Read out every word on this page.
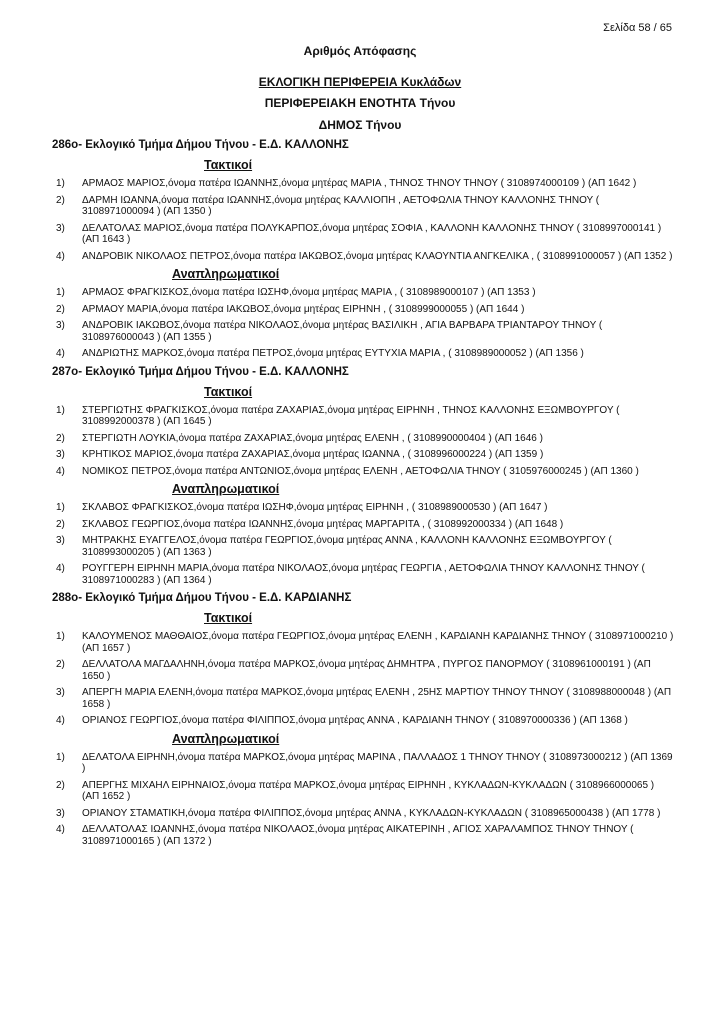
Σελίδα 58 / 65
Αριθμός Απόφασης
ΕΚΛΟΓΙΚΗ ΠΕΡΙΦΕΡΕΙΑ Κυκλάδων
ΠΕΡΙΦΕΡΕΙΑΚΗ ΕΝΟΤΗΤΑ Τήνου
ΔΗΜΟΣ Τήνου
286ο- Εκλογικό Τμήμα Δήμου Τήνου - Ε.Δ. ΚΑΛΛΟΝΗΣ
Τακτικοί
1) ΑΡΜΑΟΣ ΜΑΡΙΟΣ,όνομα πατέρα ΙΩΑΝΝΗΣ,όνομα μητέρας ΜΑΡΙΑ , ΤΗΝΟΣ ΤΗΝΟΥ ΤΗΝΟΥ ( 3108974000109 ) (ΑΠ 1642 )
2) ΔΑΡΜΗ ΙΩΑΝΝΑ,όνομα πατέρα ΙΩΑΝΝΗΣ,όνομα μητέρας ΚΑΛΛΙΟΠΗ , ΑΕΤΟΦΩΛΙΑ ΤΗΝΟΥ ΚΑΛΛΟΝΗΣ ΤΗΝΟΥ ( 3108971000094 ) (ΑΠ 1350 )
3) ΔΕΛΑΤΟΛΑΣ ΜΑΡΙΟΣ,όνομα πατέρα ΠΟΛΥΚΑΡΠΟΣ,όνομα μητέρας ΣΟΦΙΑ , ΚΑΛΛΟΝΗ ΚΑΛΛΟΝΗΣ ΤΗΝΟΥ ( 3108997000141 ) (ΑΠ 1643 )
4) ΑΝΔΡΟΒΙΚ ΝΙΚΟΛΑΟΣ ΠΕΤΡΟΣ,όνομα πατέρα ΙΑΚΩΒΟΣ,όνομα μητέρας ΚΛΑΟΥΝΤΙΑ ΑΝΓΚΕΛΙΚΑ , ( 3108991000057 ) (ΑΠ 1352 )
Αναπληρωματικοί
1) ΑΡΜΑΟΣ ΦΡΑΓΚΙΣΚΟΣ,όνομα πατέρα ΙΩΣΗΦ,όνομα μητέρας ΜΑΡΙΑ , ( 3108989000107 ) (ΑΠ 1353 )
2) ΑΡΜΑΟΥ ΜΑΡΙΑ,όνομα πατέρα ΙΑΚΩΒΟΣ,όνομα μητέρας ΕΙΡΗΝΗ , ( 3108999000055 ) (ΑΠ 1644 )
3) ΑΝΔΡΟΒΙΚ ΙΑΚΩΒΟΣ,όνομα πατέρα ΝΙΚΟΛΑΟΣ,όνομα μητέρας ΒΑΣΙΛΙΚΗ , ΑΓΙΑ ΒΑΡΒΑΡΑ ΤΡΙΑΝΤΑΡΟΥ ΤΗΝΟΥ ( 3108976000043 ) (ΑΠ 1355 )
4) ΑΝΔΡΙΩΤΗΣ ΜΑΡΚΟΣ,όνομα πατέρα ΠΕΤΡΟΣ,όνομα μητέρας ΕΥΤΥΧΙΑ ΜΑΡΙΑ , ( 3108989000052 ) (ΑΠ 1356 )
287ο- Εκλογικό Τμήμα Δήμου Τήνου - Ε.Δ. ΚΑΛΛΟΝΗΣ
Τακτικοί
1) ΣΤΕΡΓΙΩΤΗΣ ΦΡΑΓΚΙΣΚΟΣ,όνομα πατέρα ΖΑΧΑΡΙΑΣ,όνομα μητέρας ΕΙΡΗΝΗ , ΤΗΝΟΣ ΚΑΛΛΟΝΗΣ ΕΞΩΜΒΟΥΡΓΟΥ ( 3108992000378 ) (ΑΠ 1645 )
2) ΣΤΕΡΓΙΩΤΗ ΛΟΥΚΙΑ,όνομα πατέρα ΖΑΧΑΡΙΑΣ,όνομα μητέρας ΕΛΕΝΗ , ( 3108990000404 ) (ΑΠ 1646 )
3) ΚΡΗΤΙΚΟΣ ΜΑΡΙΟΣ,όνομα πατέρα ΖΑΧΑΡΙΑΣ,όνομα μητέρας ΙΩΑΝΝΑ , ( 3108996000224 ) (ΑΠ 1359 )
4) ΝΟΜΙΚΟΣ ΠΕΤΡΟΣ,όνομα πατέρα ΑΝΤΩΝΙΟΣ,όνομα μητέρας ΕΛΕΝΗ , ΑΕΤΟΦΩΛΙΑ ΤΗΝΟΥ ( 3105976000245 ) (ΑΠ 1360 )
Αναπληρωματικοί
1) ΣΚΛΑΒΟΣ ΦΡΑΓΚΙΣΚΟΣ,όνομα πατέρα ΙΩΣΗΦ,όνομα μητέρας ΕΙΡΗΝΗ , ( 3108989000530 ) (ΑΠ 1647 )
2) ΣΚΛΑΒΟΣ ΓΕΩΡΓΙΟΣ,όνομα πατέρα ΙΩΑΝΝΗΣ,όνομα μητέρας ΜΑΡΓΑΡΙΤΑ , ( 3108992000334 ) (ΑΠ 1648 )
3) ΜΗΤΡΑΚΗΣ ΕΥΑΓΓΕΛΟΣ,όνομα πατέρα ΓΕΩΡΓΙΟΣ,όνομα μητέρας ΑΝΝΑ , ΚΑΛΛΟΝΗ ΚΑΛΛΟΝΗΣ ΕΞΩΜΒΟΥΡΓΟΥ ( 3108993000205 ) (ΑΠ 1363 )
4) ΡΟΥΓΓΕΡΗ ΕΙΡΗΝΗ ΜΑΡΙΑ,όνομα πατέρα ΝΙΚΟΛΑΟΣ,όνομα μητέρας ΓΕΩΡΓΙΑ , ΑΕΤΟΦΩΛΙΑ ΤΗΝΟΥ ΚΑΛΛΟΝΗΣ ΤΗΝΟΥ ( 3108971000283 ) (ΑΠ 1364 )
288ο- Εκλογικό Τμήμα Δήμου Τήνου - Ε.Δ. ΚΑΡΔΙΑΝΗΣ
Τακτικοί
1) ΚΑΛΟΥΜΕΝΟΣ ΜΑΘΘΑΙΟΣ,όνομα πατέρα ΓΕΩΡΓΙΟΣ,όνομα μητέρας ΕΛΕΝΗ , ΚΑΡΔΙΑΝΗ ΚΑΡΔΙΑΝΗΣ ΤΗΝΟΥ ( 3108971000210 ) (ΑΠ 1657 )
2) ΔΕΛΛΑΤΟΛΑ ΜΑΓΔΑΛΗΝΗ,όνομα πατέρα ΜΑΡΚΟΣ,όνομα μητέρας ΔΗΜΗΤΡΑ , ΠΥΡΓΟΣ ΠΑΝΟΡΜΟΥ ( 3108961000191 ) (ΑΠ 1650 )
3) ΑΠΕΡΓΗ ΜΑΡΙΑ ΕΛΕΝΗ,όνομα πατέρα ΜΑΡΚΟΣ,όνομα μητέρας ΕΛΕΝΗ , 25ΗΣ ΜΑΡΤΙΟΥ ΤΗΝΟΥ ΤΗΝΟΥ ( 3108988000048 ) (ΑΠ 1658 )
4) ΟΡΙΑΝΟΣ ΓΕΩΡΓΙΟΣ,όνομα πατέρα ΦΙΛΙΠΠΟΣ,όνομα μητέρας ΑΝΝΑ , ΚΑΡΔΙΑΝΗ ΤΗΝΟΥ ( 3108970000336 ) (ΑΠ 1368 )
Αναπληρωματικοί
1) ΔΕΛΑΤΟΛΑ ΕΙΡΗΝΗ,όνομα πατέρα ΜΑΡΚΟΣ,όνομα μητέρας ΜΑΡΙΝΑ , ΠΑΛΛΑΔΟΣ 1 ΤΗΝΟΥ ΤΗΝΟΥ ( 3108973000212 ) (ΑΠ 1369 )
2) ΑΠΕΡΓΗΣ ΜΙΧΑΗΛ ΕΙΡΗΝΑΙΟΣ,όνομα πατέρα ΜΑΡΚΟΣ,όνομα μητέρας ΕΙΡΗΝΗ , ΚΥΚΛΑΔΩΝ-ΚΥΚΛΑΔΩΝ ( 3108966000065 ) (ΑΠ 1652 )
3) ΟΡΙΑΝΟΥ ΣΤΑΜΑΤΙΚΗ,όνομα πατέρα ΦΙΛΙΠΠΟΣ,όνομα μητέρας ΑΝΝΑ , ΚΥΚΛΑΔΩΝ-ΚΥΚΛΑΔΩΝ ( 3108965000438 ) (ΑΠ 1778 )
4) ΔΕΛΛΑΤΟΛΑΣ ΙΩΑΝΝΗΣ,όνομα πατέρα ΝΙΚΟΛΑΟΣ,όνομα μητέρας ΑΙΚΑΤΕΡΙΝΗ , ΑΓΙΟΣ ΧΑΡΑΛΑΜΠΟΣ ΤΗΝΟΥ ΤΗΝΟΥ ( 3108971000165 ) (ΑΠ 1372 )
